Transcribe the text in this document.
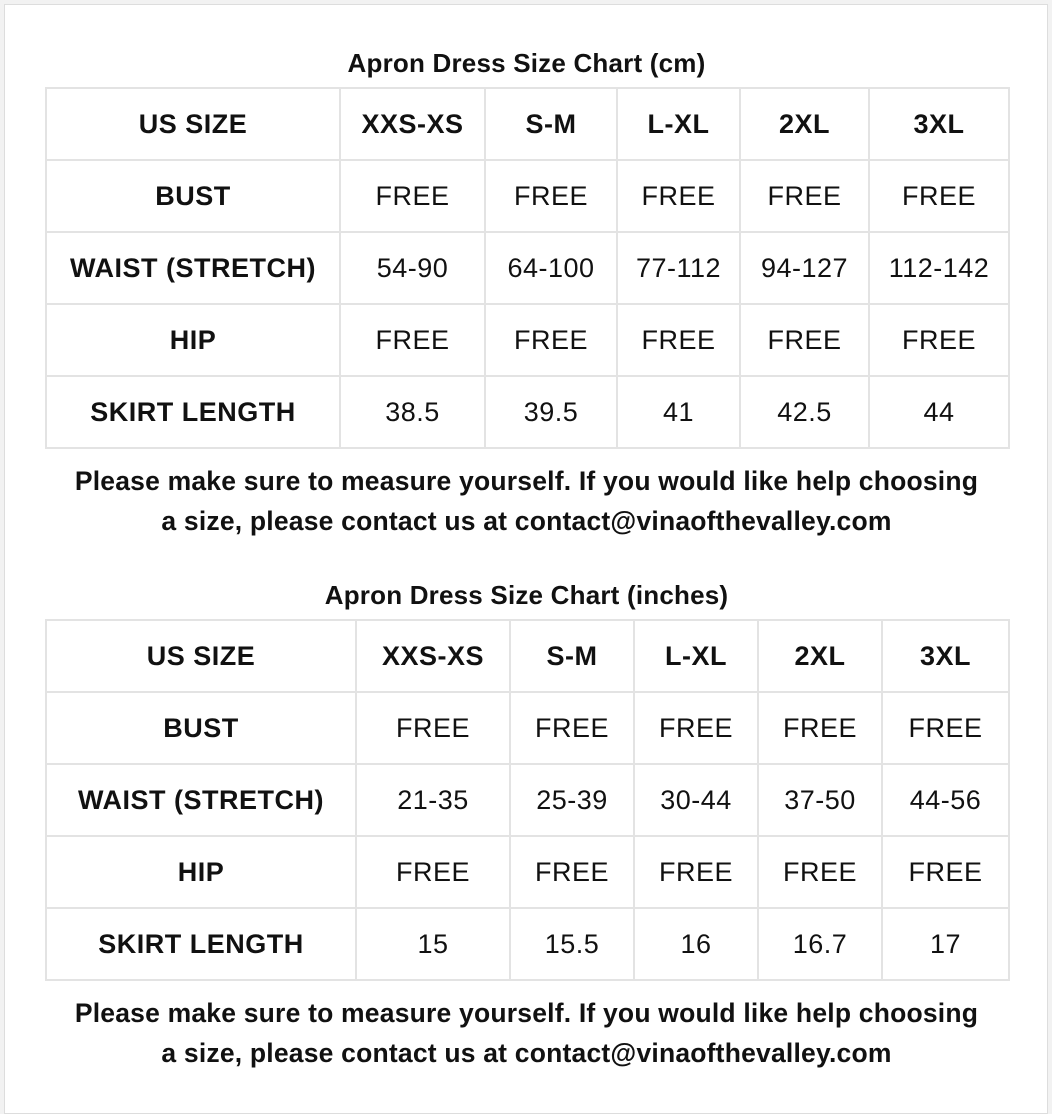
Apron Dress Size Chart (cm)
US SIZE	XXS-XS	S-M	L-XL	2XL	3XL
BUST	FREE	FREE	FREE	FREE	FREE
WAIST (STRETCH)	54-90	64-100	77-112	94-127	112-142
HIP	FREE	FREE	FREE	FREE	FREE
SKIRT LENGTH	38.5	39.5	41	42.5	44
Please make sure to measure yourself. If you would like help choosing
a size, please contact us at contact@vinaofthevalley.com
Apron Dress Size Chart (inches)
US SIZE	XXS-XS	S-M	L-XL	2XL	3XL
BUST	FREE	FREE	FREE	FREE	FREE
WAIST (STRETCH)	21-35	25-39	30-44	37-50	44-56
HIP	FREE	FREE	FREE	FREE	FREE
SKIRT LENGTH	15	15.5	16	16.7	17
Please make sure to measure yourself. If you would like help choosing
a size, please contact us at contact@vinaofthevalley.com
